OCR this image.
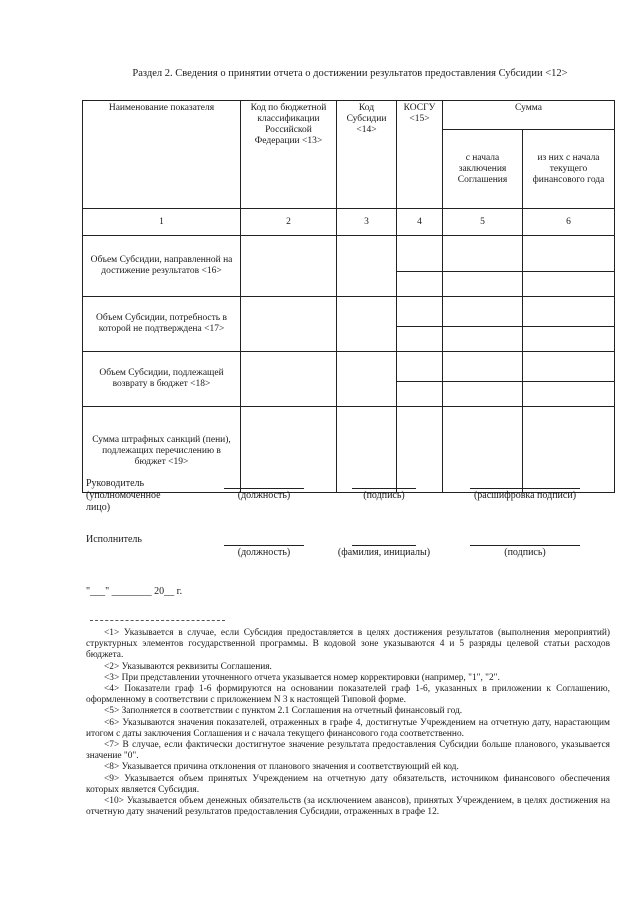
Раздел 2. Сведения о принятии отчета о достижении результатов предоставления Субсидии <12>
Наименование показателя	Код по бюджетной классификации Российской Федерации <13>	Код Субсидии <14>	КОСГУ <15>	Сумма	
				с начала заключения Соглашения	из них с начала текущего финансового года
1	2	3	4	5	6
Объем Субсидии, направленной на достижение результатов <16>					

Объем Субсидии, потребность в которой не подтверждена <17>					

Объем Субсидии, подлежащей возврату в бюджет <18>					

Сумма штрафных санкций (пени), подлежащих перечислению в бюджет <19>					
Руководитель (уполномоченное лицо)
(должность)	(подпись)	(расшифровка подписи)
Исполнитель
(должность)	(фамилия, инициалы)	(подпись)
"___" ________ 20__ г.

<1> Указывается в случае, если Субсидия предоставляется в целях достижения результатов (выполнения мероприятий) структурных элементов государственной программы. В кодовой зоне указываются 4 и 5 разряды целевой статьи расходов бюджета.

<2> Указываются реквизиты Соглашения.

<3> При представлении уточненного отчета указывается номер корректировки (например, "1", "2".

<4> Показатели граф 1-6 формируются на основании показателей граф 1-6, указанных в приложении к Соглашению, оформленному в соответствии с приложением N 3 к настоящей Типовой форме.

<5> Заполняется в соответствии с пунктом 2.1 Соглашения на отчетный финансовый год.

<6> Указываются значения показателей, отраженных в графе 4, достигнутые Учреждением на отчетную дату, нарастающим итогом с даты заключения Соглашения и с начала текущего финансового года соответственно.

<7> В случае, если фактически достигнутое значение результата предоставления Субсидии больше планового, указывается значение "0".

<8> Указывается причина отклонения от планового значения и соответствующий ей код.

<9> Указывается объем принятых Учреждением на отчетную дату обязательств, источником финансового обеспечения которых является Субсидия.

<10> Указывается объем денежных обязательств (за исключением авансов), принятых Учреждением, в целях достижения на отчетную дату значений результатов предоставления Субсидии, отраженных в графе 12.
